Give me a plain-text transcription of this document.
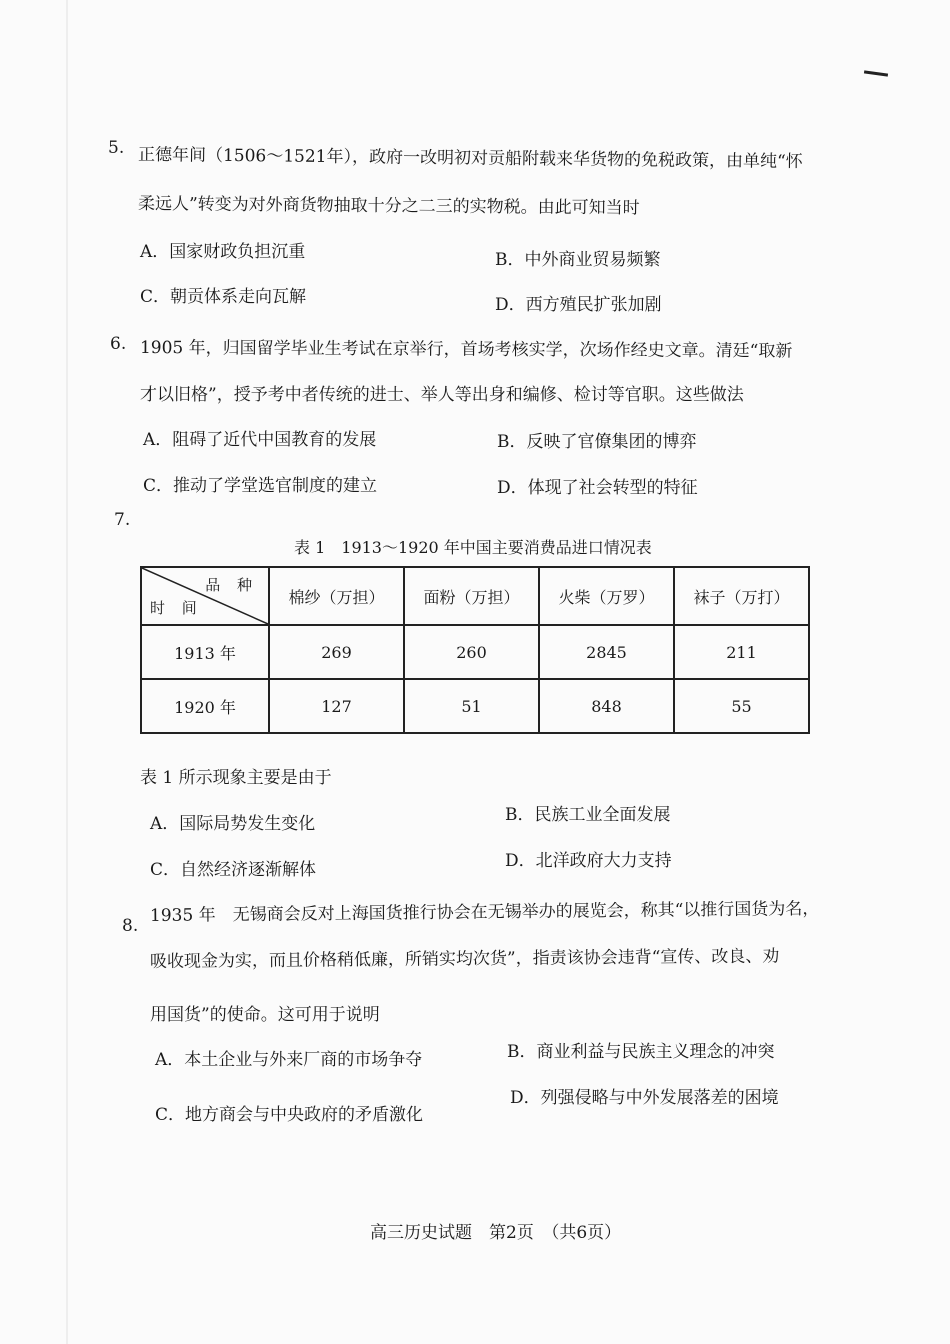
5. 正德年间（1506～1521年），政府一改明初对贡船附载来华货物的免税政策，由单纯“怀
柔远人”转变为对外商货物抽取十分之二三的实物税。由此可知当时
A．国家财政负担沉重	B．中外商业贸易频繁
C．朝贡体系走向瓦解	D．西方殖民扩张加剧
6. 1905 年，归国留学毕业生考试在京举行，首场考核实学，次场作经史文章。清廷“取新
才以旧格”，授予考中者传统的进士、举人等出身和编修、检讨等官职。这些做法
A．阻碍了近代中国教育的发展	B．反映了官僚集团的博弈
C．推动了学堂选官制度的建立	D．体现了社会转型的特征
7.
表 1　1913～1920 年中国主要消费品进口情况表
品 种
时 间	棉纱（万担）	面粉（万担）	火柴（万罗）	袜子（万打）
1913 年	269	260	2845	211
1920 年	127	51	848	55
表 1 所示现象主要是由于
A．国际局势发生变化	B．民族工业全面发展
C．自然经济逐渐解体	D．北洋政府大力支持
8.
1935 年　无锡商会反对上海国货推行协会在无锡举办的展览会，称其“以推行国货为名，
吸收现金为实，而且价格稍低廉，所销实均次货”，指责该协会违背“宣传、改良、劝
用国货”的使命。这可用于说明
A．本土企业与外来厂商的市场争夺	B．商业利益与民族主义理念的冲突
C．地方商会与中央政府的矛盾激化
D．列强侵略与中外发展落差的困境
高三历史试题　第2页　（共6页）
